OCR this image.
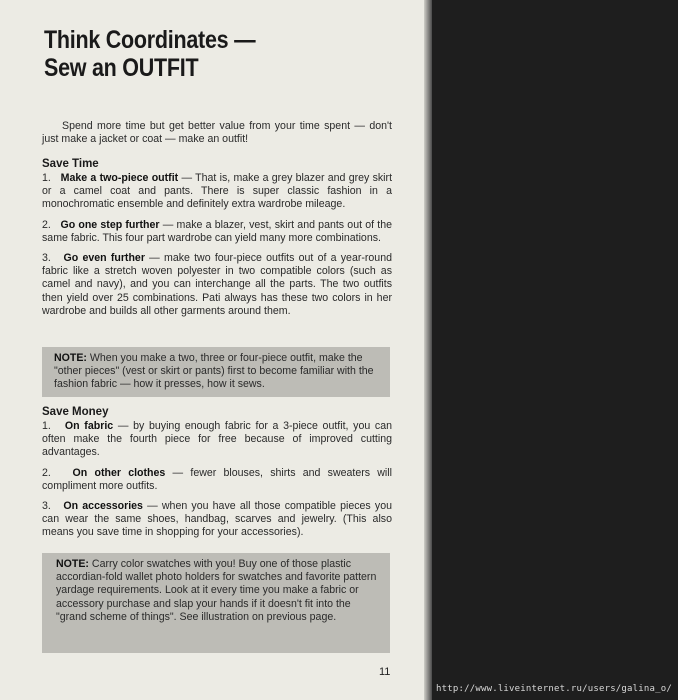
Think Coordinates —
Sew an OUTFIT
Spend more time but get better value from your time spent — don't just make a jacket or coat — make an outfit!
Save Time

1. Make a two-piece outfit — That is, make a grey blazer and grey skirt or a camel coat and pants. There is super classic fashion in a monochromatic ensemble and definitely extra wardrobe mileage.

2. Go one step further — make a blazer, vest, skirt and pants out of the same fabric. This four part wardrobe can yield many more combinations.

3. Go even further — make two four-piece outfits out of a year-round fabric like a stretch woven polyester in two compatible colors (such as camel and navy), and you can interchange all the parts. The two outfits then yield over 25 combinations. Pati always has these two colors in her wardrobe and builds all other garments around them.

NOTE: When you make a two, three or four-piece outfit, make the "other pieces" (vest or skirt or pants) first to become familiar with the fashion fabric — how it presses, how it sews.
Save Money

1. On fabric — by buying enough fabric for a 3-piece outfit, you can often make the fourth piece for free because of improved cutting advantages.

2. On other clothes — fewer blouses, shirts and sweaters will compliment more outfits.

3. On accessories — when you have all those compatible pieces you can wear the same shoes, handbag, scarves and jewelry. (This also means you save time in shopping for your accessories).

NOTE: Carry color swatches with you! Buy one of those plastic accordian-fold wallet photo holders for swatches and favorite pattern yardage requirements. Look at it every time you make a fabric or accessory purchase and slap your hands if it doesn't fit into the "grand scheme of things". See illustration on previous page.
11
http://www.liveinternet.ru/users/galina_o/
